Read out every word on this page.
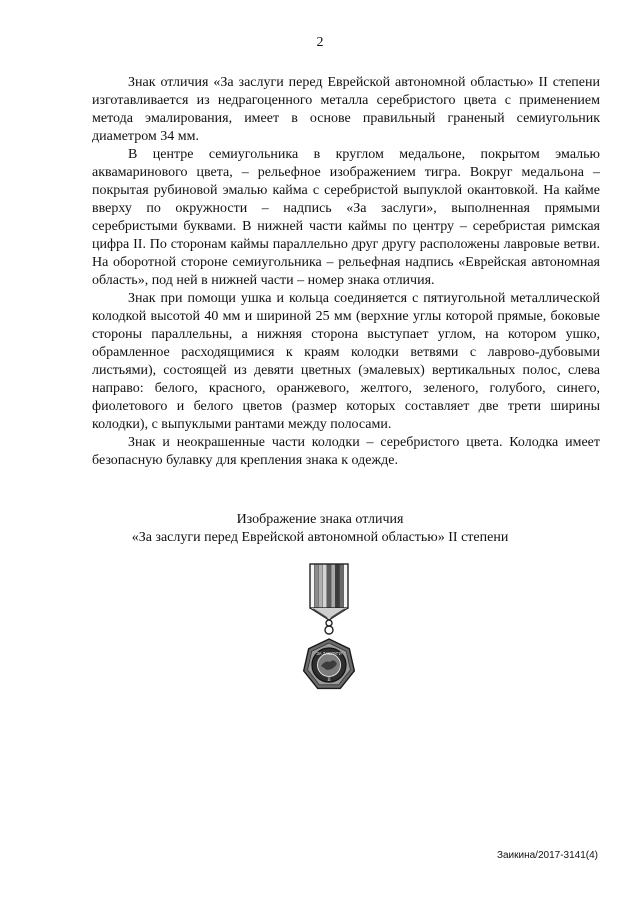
2

Знак отличия «За заслуги перед Еврейской автономной областью» II степени изготавливается из недрагоценного металла серебристого цвета с применением метода эмалирования, имеет в основе правильный граненый семиугольник диаметром 34 мм.

В центре семиугольника в круглом медальоне, покрытом эмалью аквамаринового цвета, – рельефное изображением тигра. Вокруг медальона – покрытая рубиновой эмалью кайма с серебристой выпуклой окантовкой. На кайме вверху по окружности – надпись «За заслуги», выполненная прямыми серебристыми буквами. В нижней части каймы по центру – серебристая римская цифра II. По сторонам каймы параллельно друг другу расположены лавровые ветви. На оборотной стороне семиугольника – рельефная надпись «Еврейская автономная область», под ней в нижней части – номер знака отличия.

Знак при помощи ушка и кольца соединяется с пятиугольной металлической колодкой высотой 40 мм и шириной 25 мм (верхние углы которой прямые, боковые стороны параллельны, а нижняя сторона выступает углом, на котором ушко, обрамленное расходящимися к краям колодки ветвями с лаврово-дубовыми листьями), состоящей из девяти цветных (эмалевых) вертикальных полос, слева направо: белого, красного, оранжевого, желтого, зеленого, голубого, синего, фиолетового и белого цветов (размер которых составляет две трети ширины колодки), с выпуклыми рантами между полосами.

Знак и неокрашенные части колодки – серебристого цвета. Колодка имеет безопасную булавку для крепления знака к одежде.

Изображение знака отличия
«За заслуги перед Еврейской автономной областью» II степени
ЗА ЗАСЛУГИ
II
Заикина/2017-3141(4)
